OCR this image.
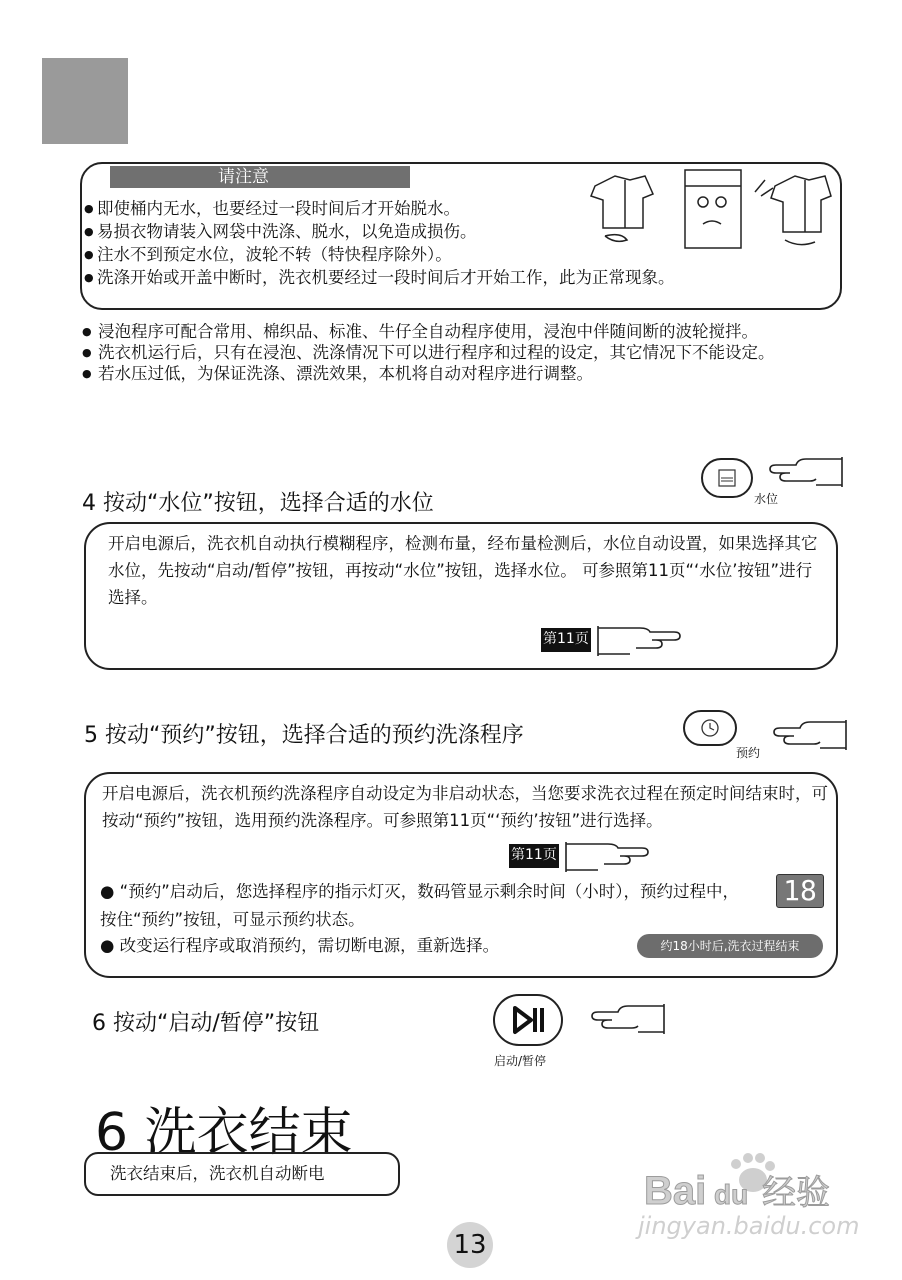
请注意
● 即使桶内无水，也要经过一段时间后才开始脱水。
● 易损衣物请装入网袋中洗涤、脱水，以免造成损伤。
● 注水不到预定水位，波轮不转（特快程序除外）。
● 洗涤开始或开盖中断时，洗衣机要经过一段时间后才开始工作，此为正常现象。
● 浸泡程序可配合常用、棉织品、标准、牛仔全自动程序使用，浸泡中伴随间断的波轮搅拌。
● 洗衣机运行后，只有在浸泡、洗涤情况下可以进行程序和过程的设定，其它情况下不能设定。
● 若水压过低，为保证洗涤、漂洗效果，本机将自动对程序进行调整。
4 按动“水位”按钮，选择合适的水位	水位
开启电源后，洗衣机自动执行模糊程序，检测布量，经布量检测后，水位自动设置，如果选择其它水位，先按动“启动/暂停”按钮，再按动“水位”按钮，选择水位。 可参照第11页“‘水位’按钮”进行选择。
第11页
5 按动“预约”按钮，选择合适的预约洗涤程序
预约
开启电源后，洗衣机预约洗涤程序自动设定为非启动状态，当您要求洗衣过程在预定时间结束时，可按动“预约”按钮，选用预约洗涤程序。可参照第11页“‘预约’按钮”进行选择。
第11页
● “预约”启动后，您选择程序的指示灯灭，数码管显示剩余时间（小时），预约过程中，按住“预约”按钮，可显示预约状态。
● 改变运行程序或取消预约，需切断电源，重新选择。
18
约18小时后,洗衣过程结束
6 按动“启动/暂停”按钮
启动/暂停
6 洗衣结束
洗衣结束后，洗衣机自动断电	Bai du 经验
jingyan.baidu.com
13
